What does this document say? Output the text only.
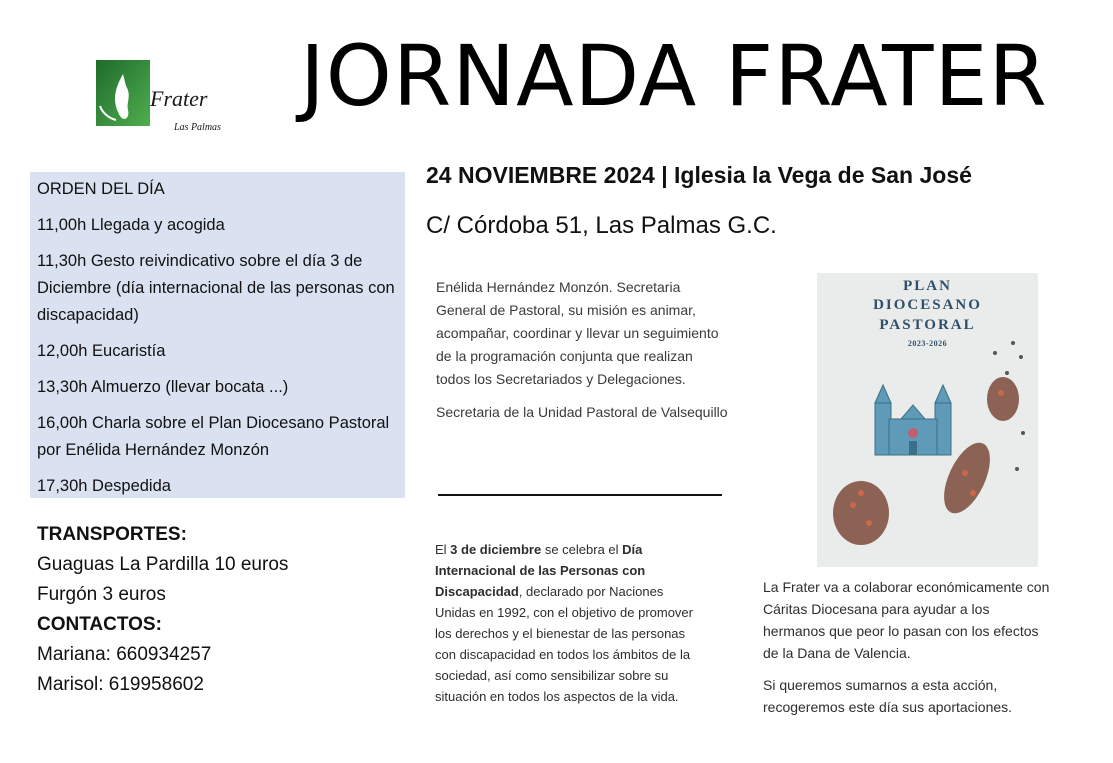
Frater
Las Palmas
JORNADA FRATER
24 NOVIEMBRE 2024 | Iglesia la Vega de San José
C/ Córdoba 51, Las Palmas G.C.
ORDEN DEL DÍA
11,00h Llegada y acogida
11,30h Gesto reivindicativo sobre el día 3 de Diciembre (día internacional de las personas con discapacidad)
12,00h Eucaristía
13,30h Almuerzo (llevar bocata ...)
16,00h Charla sobre el Plan Diocesano Pastoral por Enélida Hernández Monzón
17,30h Despedida
TRANSPORTES:
Guaguas La Pardilla 10 euros
Furgón 3 euros
CONTACTOS:
Mariana: 660934257
Marisol: 619958602

Enélida Hernández Monzón. Secretaria General de Pastoral, su misión es animar, acompañar, coordinar y llevar un seguimiento de la programación conjunta que realizan todos los Secretariados y Delegaciones.

Secretaria de la Unidad Pastoral de Valsequillo

El 3 de diciembre se celebra el Día Internacional de las Personas con Discapacidad, declarado por Naciones Unidas en 1992, con el objetivo de promover los derechos y el bienestar de las personas con discapacidad en todos los ámbitos de la sociedad, así como sensibilizar sobre su situación en todos los aspectos de la vida.
PLAN
DIOCESANO
PASTORAL
2023-2026

La Frater va a colaborar económicamente con Cáritas Diocesana para ayudar a los hermanos que peor lo pasan con los efectos de la Dana de Valencia.

Si queremos sumarnos a esta acción, recogeremos este día sus aportaciones.
